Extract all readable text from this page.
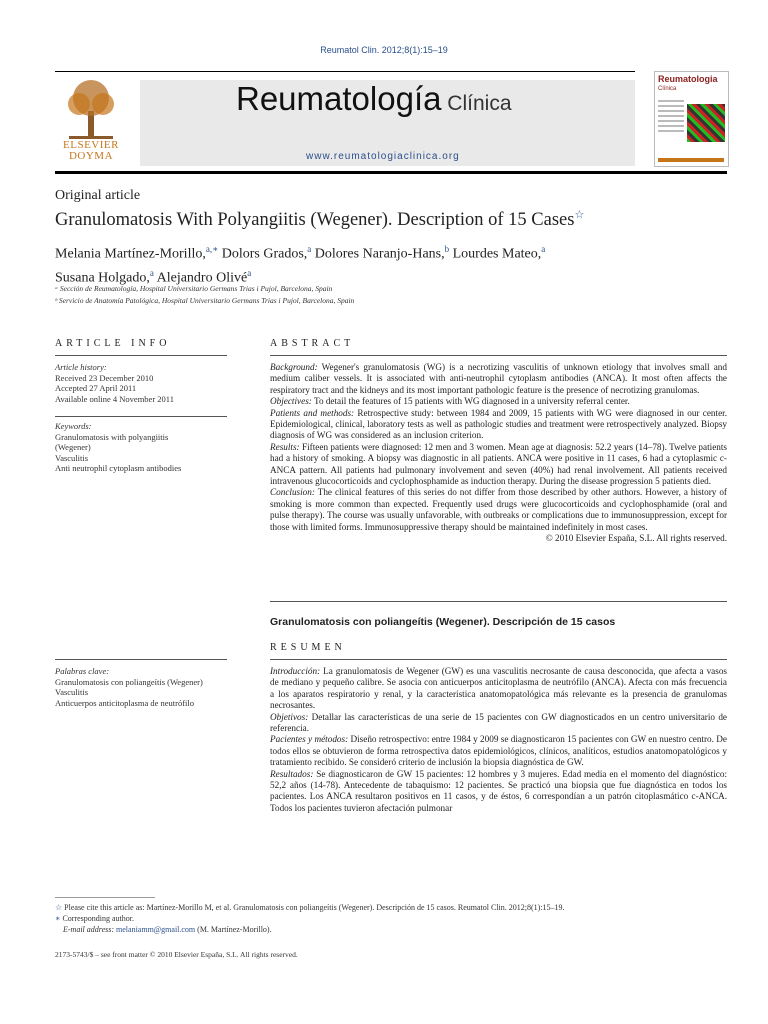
Reumatol Clin. 2012;8(1):15–19
ELSEVIER
DOYMA
Reumatología Clínica
www.reumatologiaclinica.org
Reumatologia
Clínica
Original article
Granulomatosis With Polyangiitis (Wegener). Description of 15 Cases☆
Melania Martínez-Morillo,$^{a,∗}$ Dolors Grados,$^a$ Dolores Naranjo-Hans,$^b$ Lourdes Mateo,$^a$
Susana Holgado,$^a$ Alejandro Olivé$^a$
ᵃ Sección de Reumatología, Hospital Universitario Germans Trias i Pujol, Barcelona, Spain
ᵇ Servicio de Anatomía Patológica, Hospital Universitario Germans Trias i Pujol, Barcelona, Spain
ARTICLE INFO
Article history:
Received 23 December 2010
Accepted 27 April 2011
Available online 4 November 2011
Keywords:
Granulomatosis with polyangiitis
(Wegener)
Vasculitis
Anti neutrophil cytoplasm antibodies
ABSTRACT

Background: Wegener's granulomatosis (WG) is a necrotizing vasculitis of unknown etiology that involves small and medium caliber vessels. It is associated with anti-neutrophil cytoplasm antibodies (ANCA). It most often affects the respiratory tract and the kidneys and its most important pathologic feature is the presence of necrotizing granulomas.

Objectives: To detail the features of 15 patients with WG diagnosed in a university referral center.

Patients and methods: Retrospective study: between 1984 and 2009, 15 patients with WG were diagnosed in our center. Epidemiological, clinical, laboratory tests as well as pathologic studies and treatment were retrospectively analyzed. Biopsy diagnosis of WG was considered as an inclusion criterion.

Results: Fifteen patients were diagnosed: 12 men and 3 women. Mean age at diagnosis: 52.2 years (14–78). Twelve patients had a history of smoking. A biopsy was diagnostic in all patients. ANCA were positive in 11 cases, 6 had a cytoplasmic c-ANCA pattern. All patients had pulmonary involvement and seven (40%) had renal involvement. All patients received intravenous glucocorticoids and cyclophosphamide as induction therapy. During the disease progression 5 patients died.

Conclusion: The clinical features of this series do not differ from those described by other authors. However, a history of smoking is more common than expected. Frequently used drugs were glucocorticoids and cyclophosphamide (oral and pulse therapy). The course was usually unfavorable, with outbreaks or complications due to immunosuppression, except for those with limited forms. Immunosuppressive therapy should be maintained indefinitely in most cases.

© 2010 Elsevier España, S.L. All rights reserved.

Granulomatosis con poliangeítis (Wegener). Descripción de 15 casos
RESUMEN
Palabras clave:
Granulomatosis con poliangeítis (Wegener)
Vasculitis
Anticuerpos anticitoplasma de neutrófilo

Introducción: La granulomatosis de Wegener (GW) es una vasculitis necrosante de causa desconocida, que afecta a vasos de mediano y pequeño calibre. Se asocia con anticuerpos anticitoplasma de neutrófilo (ANCA). Afecta con más frecuencia a los aparatos respiratorio y renal, y la característica anatomopatológica más relevante es la presencia de granulomas necrosantes.

Objetivos: Detallar las características de una serie de 15 pacientes con GW diagnosticados en un centro universitario de referencia.

Pacientes y métodos: Diseño retrospectivo: entre 1984 y 2009 se diagnosticaron 15 pacientes con GW en nuestro centro. De todos ellos se obtuvieron de forma retrospectiva datos epidemiológicos, clínicos, analíticos, estudios anatomopatológicos y tratamiento recibido. Se consideró criterio de inclusión la biopsia diagnóstica de GW.

Resultados: Se diagnosticaron de GW 15 pacientes: 12 hombres y 3 mujeres. Edad media en el momento del diagnóstico: 52,2 años (14-78). Antecedente de tabaquismo: 12 pacientes. Se practicó una biopsia que fue diagnóstica en todos los pacientes. Los ANCA resultaron positivos en 11 casos, y de éstos, 6 correspondían a un patrón citoplasmático c-ANCA. Todos los pacientes tuvieron afectación pulmonar

☆ Please cite this article as: Martínez-Morillo M, et al. Granulomatosis con poliangeítis (Wegener). Descripción de 15 casos. Reumatol Clin. 2012;8(1):15–19.
∗ Corresponding author.
E-mail address: melaniamm@gmail.com (M. Martínez-Morillo).
2173-5743/$ – see front matter © 2010 Elsevier España, S.L. All rights reserved.
